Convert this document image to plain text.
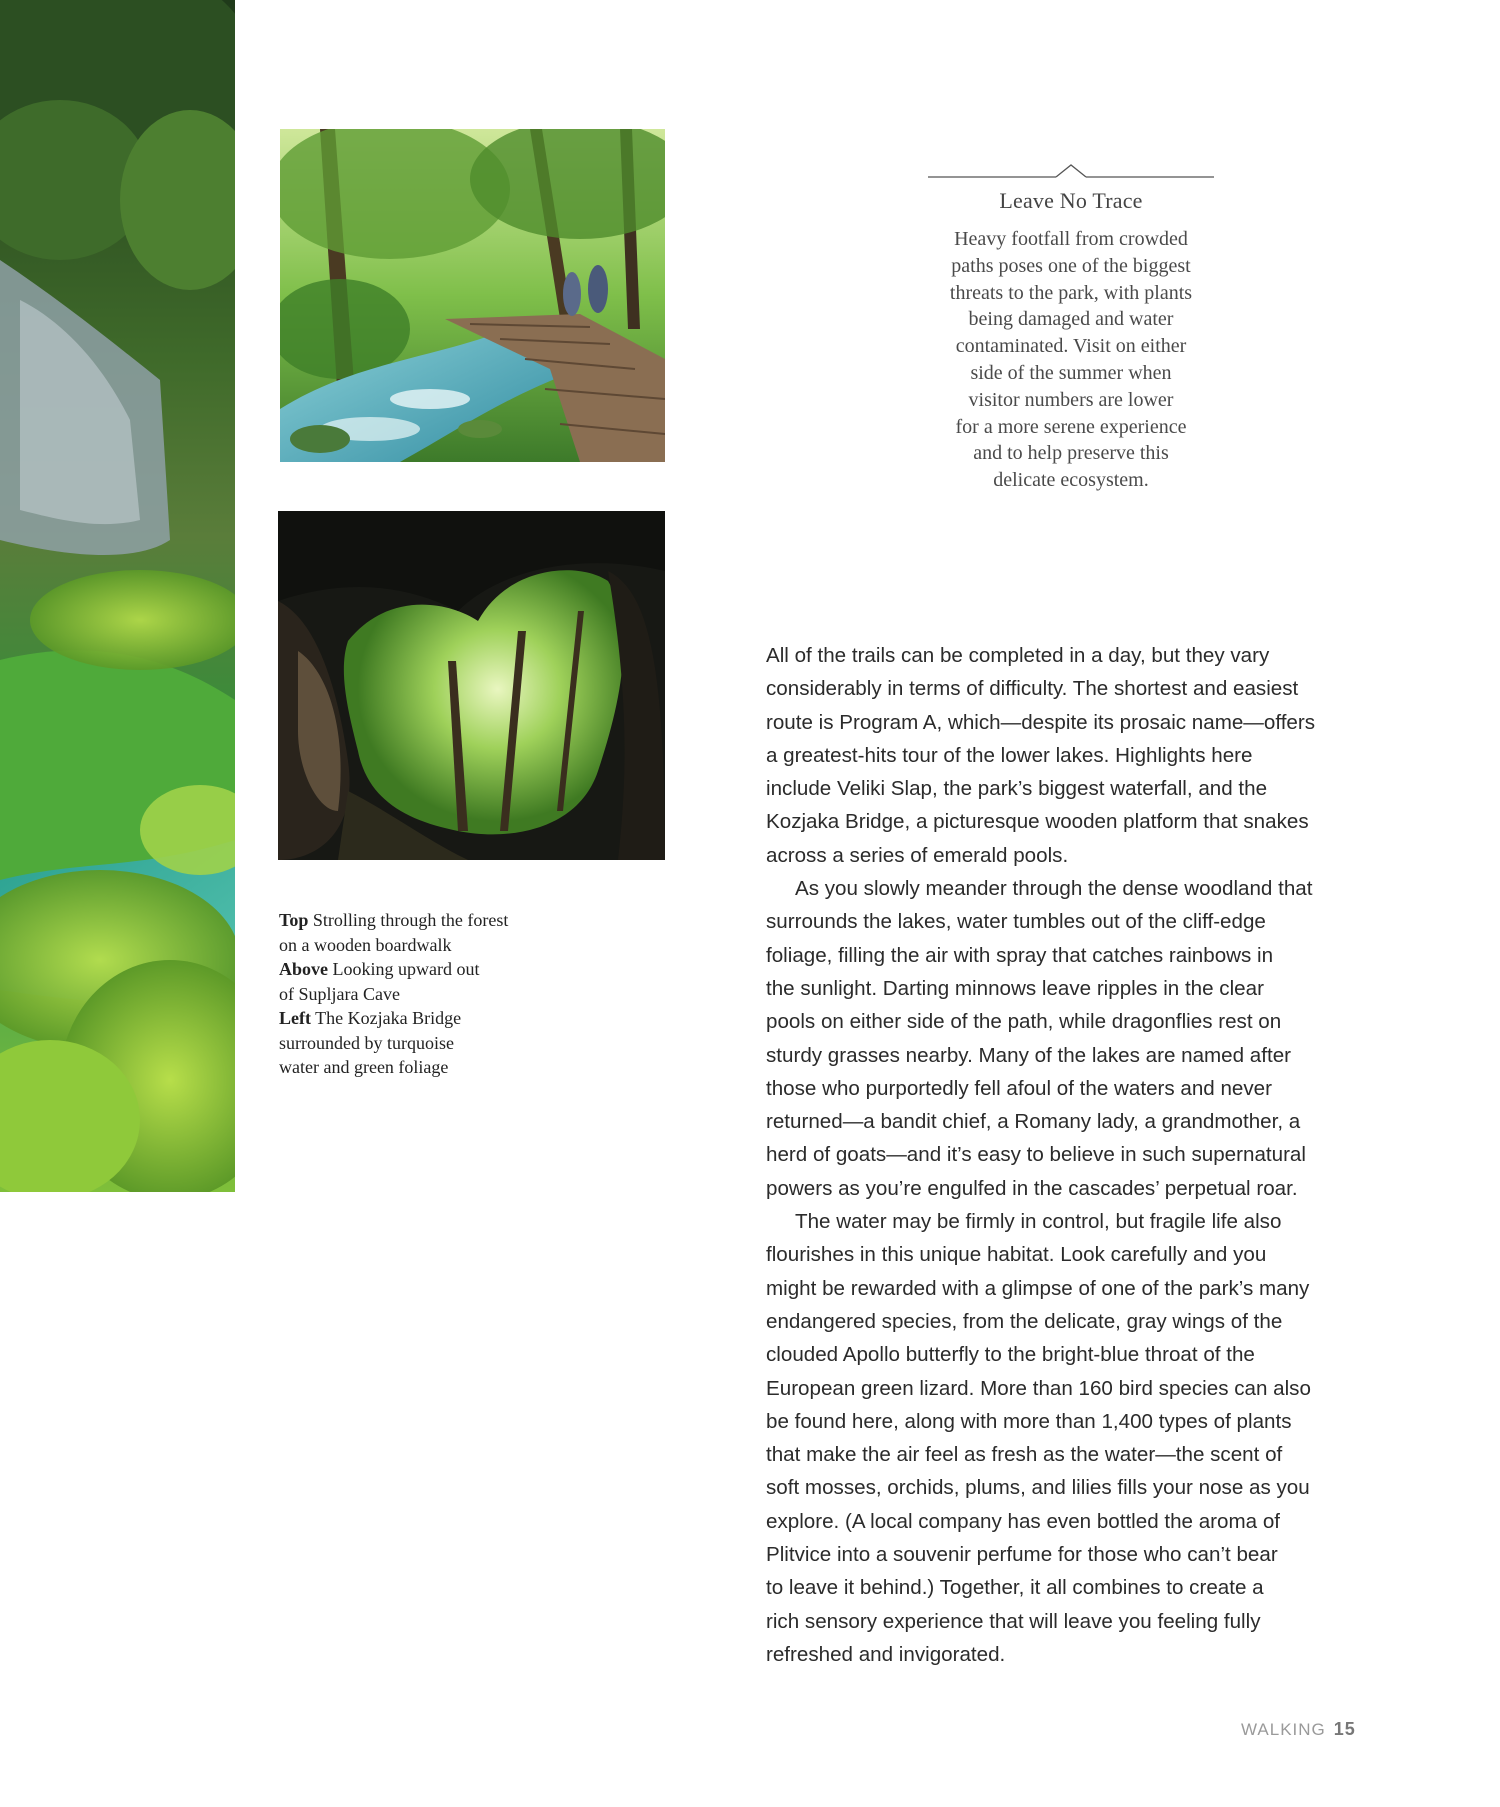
Top Strolling through the forest
on a wooden boardwalk
Above Looking upward out
of Supljara Cave
Left The Kozjaka Bridge
surrounded by turquoise
water and green foliage
Leave No Trace
Heavy footfall from crowded
paths poses one of the biggest
threats to the park, with plants
being damaged and water
contaminated. Visit on either
side of the summer when
visitor numbers are lower
for a more serene experience
and to help preserve this
delicate ecosystem.
All of the trails can be completed in a day, but they vary
considerably in terms of difficulty. The shortest and easiest
route is Program A, which—despite its prosaic name—offers
a greatest-hits tour of the lower lakes. Highlights here
include Veliki Slap, the park’s biggest waterfall, and the
Kozjaka Bridge, a picturesque wooden platform that snakes
across a series of emerald pools.
As you slowly meander through the dense woodland that
surrounds the lakes, water tumbles out of the cliff-edge
foliage, filling the air with spray that catches rainbows in
the sunlight. Darting minnows leave ripples in the clear
pools on either side of the path, while dragonflies rest on
sturdy grasses nearby. Many of the lakes are named after
those who purportedly fell afoul of the waters and never
returned—a bandit chief, a Romany lady, a grandmother, a
herd of goats—and it’s easy to believe in such supernatural
powers as you’re engulfed in the cascades’ perpetual roar.
The water may be firmly in control, but fragile life also
flourishes in this unique habitat. Look carefully and you
might be rewarded with a glimpse of one of the park’s many
endangered species, from the delicate, gray wings of the
clouded Apollo butterfly to the bright-blue throat of the
European green lizard. More than 160 bird species can also
be found here, along with more than 1,400 types of plants
that make the air feel as fresh as the water—the scent of
soft mosses, orchids, plums, and lilies fills your nose as you
explore. (A local company has even bottled the aroma of
Plitvice into a souvenir perfume for those who can’t bear
to leave it behind.) Together, it all combines to create a
rich sensory experience that will leave you feeling fully
refreshed and invigorated.
WALKING 15
